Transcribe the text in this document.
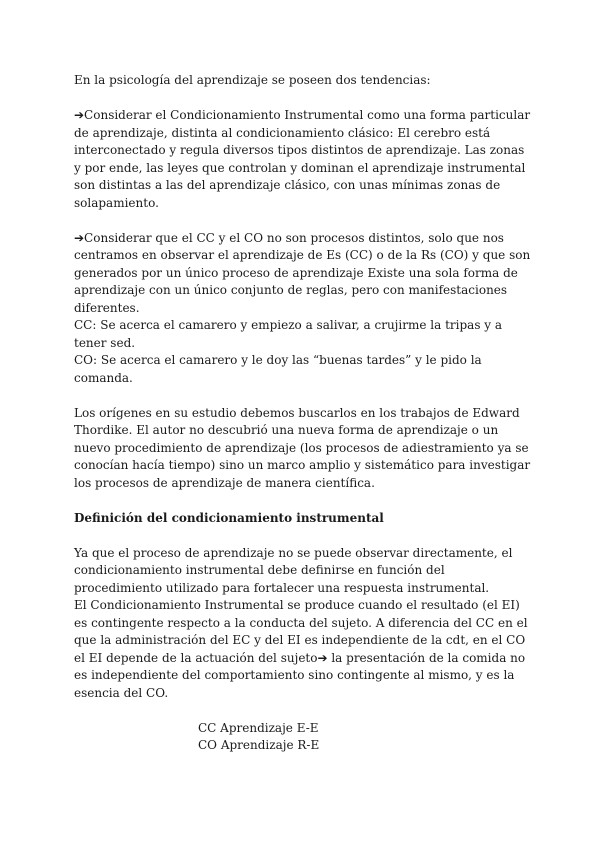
En la psicología del aprendizaje se poseen dos tendencias:

➔Considerar el Condicionamiento Instrumental como una forma particular de aprendizaje, distinta al condicionamiento clásico: El cerebro está interconectado y regula diversos tipos distintos de aprendizaje. Las zonas y por ende, las leyes que controlan y dominan el aprendizaje instrumental son distintas a las del aprendizaje clásico, con unas mínimas zonas de solapamiento.

➔Considerar que el CC y el CO no son procesos distintos, solo que nos centramos en observar el aprendizaje de Es (CC) o de la Rs (CO) y que son generados por un único proceso de aprendizaje Existe una sola forma de aprendizaje con un único conjunto de reglas, pero con manifestaciones diferentes.

CC: Se acerca el camarero y empiezo a salivar, a crujirme la tripas y a tener sed.

CO: Se acerca el camarero y le doy las “buenas tardes” y le pido la comanda.

Los orígenes en su estudio debemos buscarlos en los trabajos de Edward Thordike. El autor no descubrió una nueva forma de aprendizaje o un nuevo procedimiento de aprendizaje (los procesos de adiestramiento ya se conocían hacía tiempo) sino un marco amplio y sistemático para investigar los procesos de aprendizaje de manera científica.

Definición del condicionamiento instrumental

Ya que el proceso de aprendizaje no se puede observar directamente, el condicionamiento instrumental debe definirse en función del procedimiento utilizado para fortalecer una respuesta instrumental.

El Condicionamiento Instrumental se produce cuando el resultado (el EI) es contingente respecto a la conducta del sujeto. A diferencia del CC en el que la administración del EC y del EI es independiente de la cdt, en el CO el EI depende de la actuación del sujeto➔ la presentación de la comida no es independiente del comportamiento sino contingente al mismo, y es la esencia del CO.

CC Aprendizaje E-E

CO Aprendizaje R-E
